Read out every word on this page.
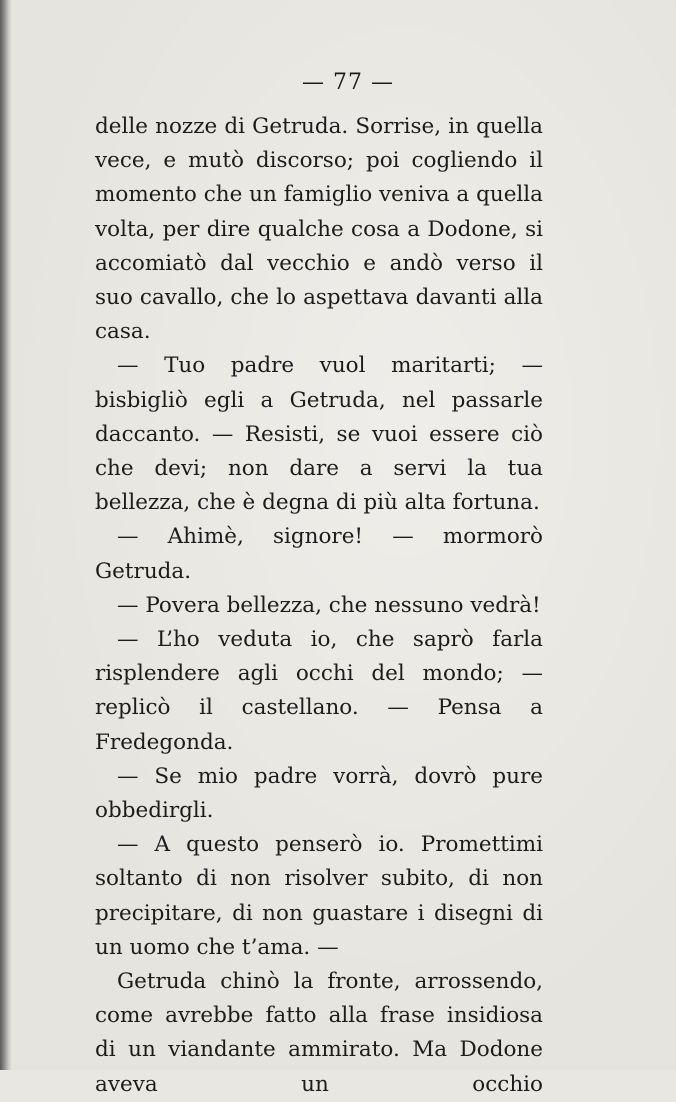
— 77 —

delle nozze di Getruda. Sorrise, in quella vece, e mutò discorso; poi cogliendo il momento che un famiglio veniva a quella volta, per dire qualche cosa a Dodone, si accomiatò dal vecchio e andò verso il suo cavallo, che lo aspettava davanti alla casa.

— Tuo padre vuol maritarti; — bisbigliò egli a Getruda, nel passarle daccanto. — Resisti, se vuoi essere ciò che devi; non dare a servi la tua bellezza, che è degna di più alta fortuna.

— Ahimè, signore! — mormorò Getruda.

— Povera bellezza, che nessuno vedrà!

— L’ho veduta io, che saprò farla risplendere agli occhi del mondo; — replicò il castellano. — Pensa a Fredegonda.

— Se mio padre vorrà, dovrò pure obbedirgli.

— A questo penserò io. Promettimi soltanto di non risolver subito, di non precipitare, di non guastare i disegni di un uomo che t’ama. —

Getruda chinò la fronte, arrossendo, come avrebbe fatto alla frase insidiosa di un viandante ammirato. Ma Dodone aveva un occhio
